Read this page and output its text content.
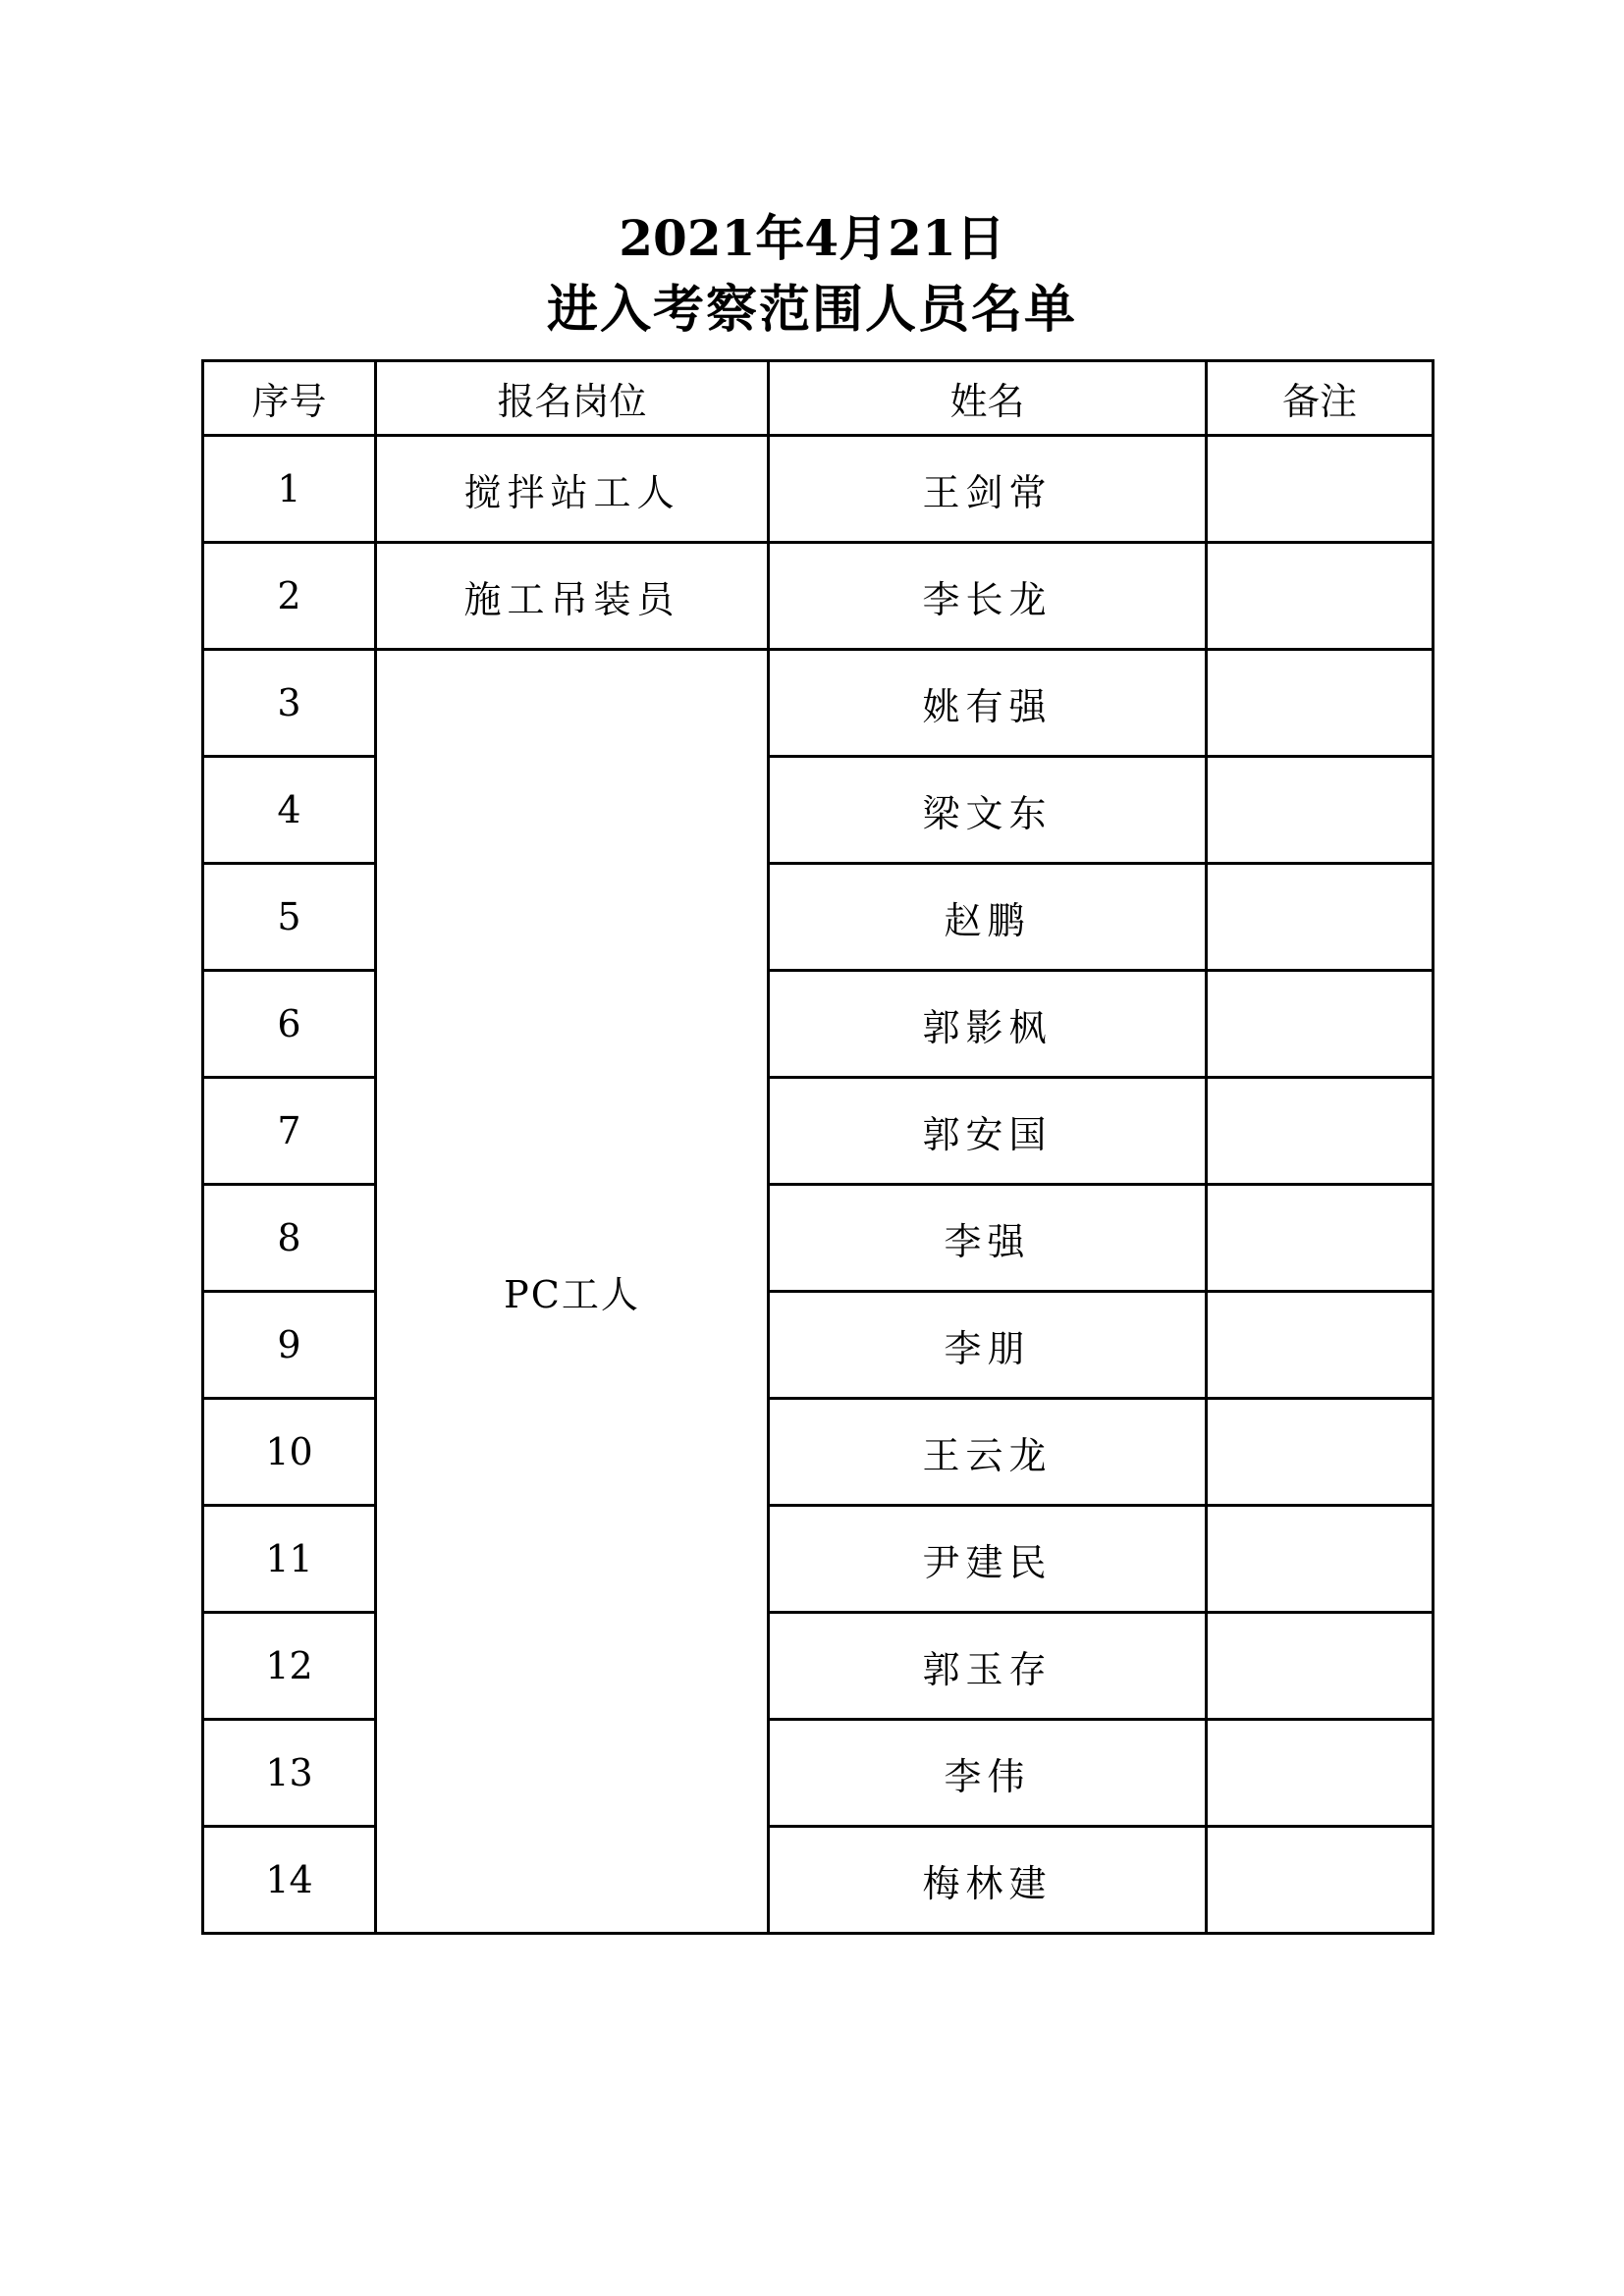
2021年4月21日
进入考察范围人员名单
序号	报名岗位	姓名	备注
1	搅拌站工人	王剑常	
2	施工吊装员	李长龙	
3	PC工人	姚有强	
4		梁文东	
5		赵鹏	
6		郭影枫	
7		郭安国	
8		李强	
9		李朋	
10		王云龙	
11		尹建民	
12		郭玉存	
13		李伟	
14		梅林建	
